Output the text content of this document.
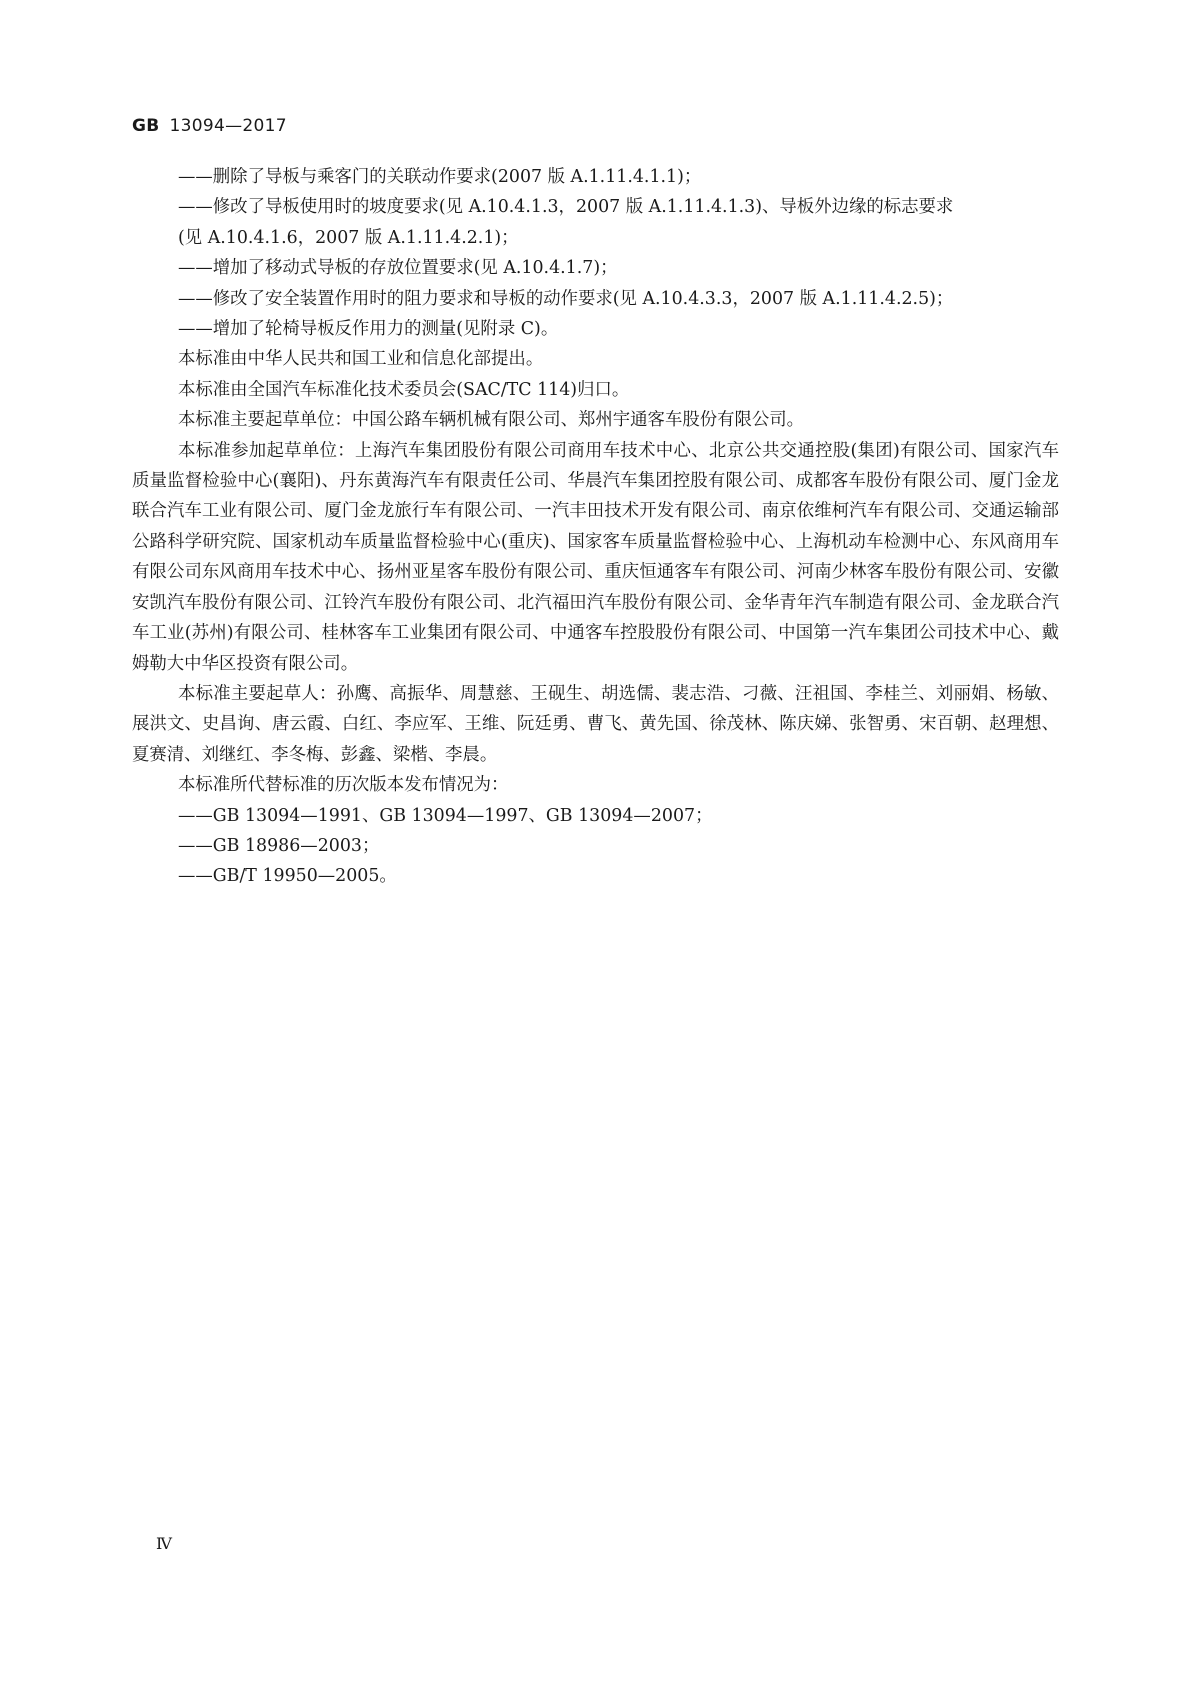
GB 13094—2017

——删除了导板与乘客门的关联动作要求(2007 版 A.1.11.4.1.1)；

——修改了导板使用时的坡度要求(见 A.10.4.1.3，2007 版 A.1.11.4.1.3)、导板外边缘的标志要求

(见 A.10.4.1.6，2007 版 A.1.11.4.2.1)；

——增加了移动式导板的存放位置要求(见 A.10.4.1.7)；

——修改了安全装置作用时的阻力要求和导板的动作要求(见 A.10.4.3.3，2007 版 A.1.11.4.2.5)；

——增加了轮椅导板反作用力的测量(见附录 C)。

本标准由中华人民共和国工业和信息化部提出。

本标准由全国汽车标准化技术委员会(SAC/TC 114)归口。

本标准主要起草单位：中国公路车辆机械有限公司、郑州宇通客车股份有限公司。

本标准参加起草单位：上海汽车集团股份有限公司商用车技术中心、北京公共交通控股(集团)有限公司、国家汽车质量监督检验中心(襄阳)、丹东黄海汽车有限责任公司、华晨汽车集团控股有限公司、成都客车股份有限公司、厦门金龙联合汽车工业有限公司、厦门金龙旅行车有限公司、一汽丰田技术开发有限公司、南京依维柯汽车有限公司、交通运输部公路科学研究院、国家机动车质量监督检验中心(重庆)、国家客车质量监督检验中心、上海机动车检测中心、东风商用车有限公司东风商用车技术中心、扬州亚星客车股份有限公司、重庆恒通客车有限公司、河南少林客车股份有限公司、安徽安凯汽车股份有限公司、江铃汽车股份有限公司、北汽福田汽车股份有限公司、金华青年汽车制造有限公司、金龙联合汽车工业(苏州)有限公司、桂林客车工业集团有限公司、中通客车控股股份有限公司、中国第一汽车集团公司技术中心、戴姆勒大中华区投资有限公司。

本标准主要起草人：孙鹰、高振华、周慧慈、王砚生、胡选儒、裴志浩、刁薇、汪祖国、李桂兰、刘丽娟、杨敏、展洪文、史昌询、唐云霞、白红、李应军、王维、阮廷勇、曹飞、黄先国、徐茂林、陈庆娣、张智勇、宋百朝、赵理想、夏赛清、刘继红、李冬梅、彭鑫、梁楷、李晨。

本标准所代替标准的历次版本发布情况为：

——GB 13094—1991、GB 13094—1997、GB 13094—2007；

——GB 18986—2003；

——GB/T 19950—2005。

Ⅳ
